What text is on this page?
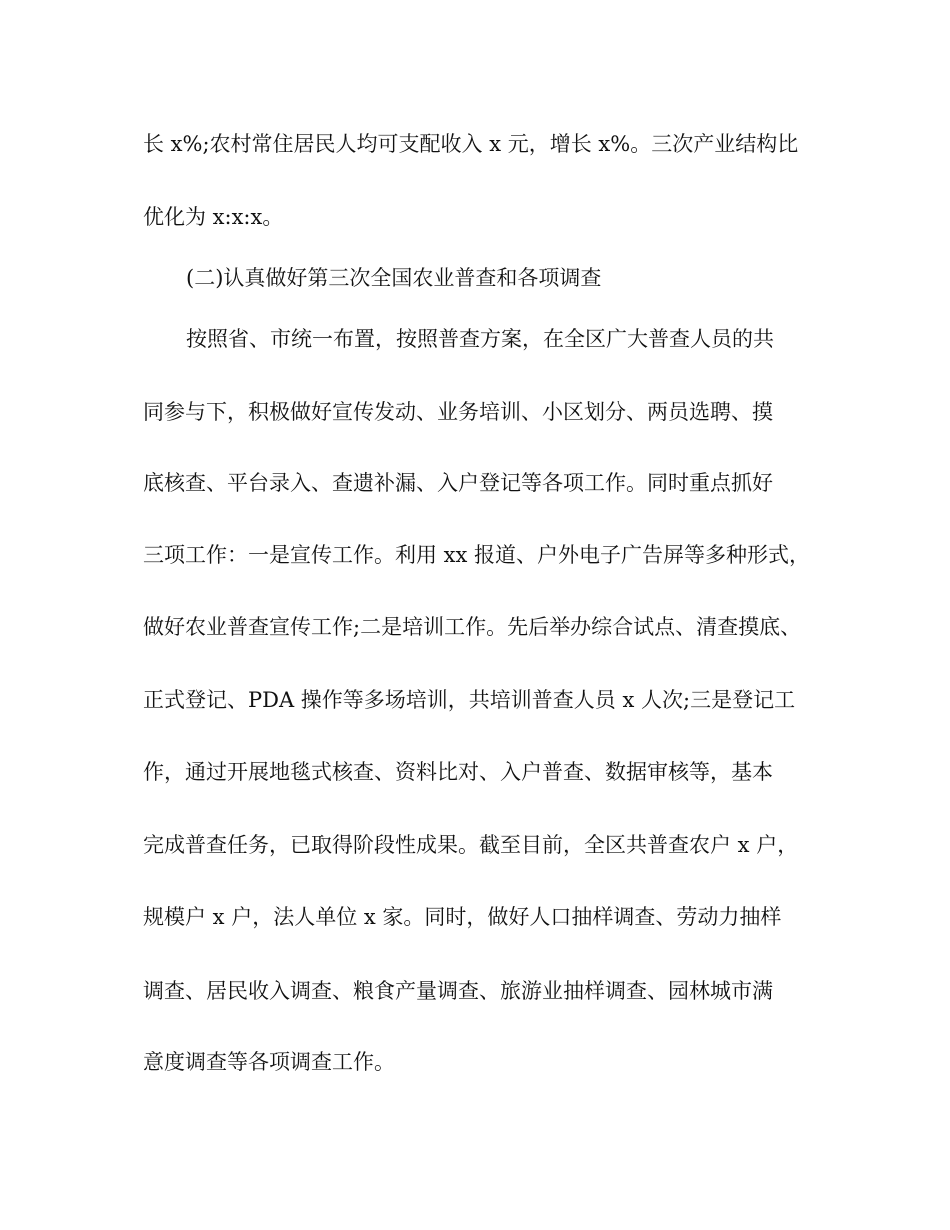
长 x%;农村常住居民人均可支配收入 x 元，增长 x%。三次产业结构比
优化为 x:x:x。
(二)认真做好第三次全国农业普查和各项调查
按照省、市统一布置，按照普查方案，在全区广大普查人员的共
同参与下，积极做好宣传发动、业务培训、小区划分、两员选聘、摸
底核查、平台录入、查遗补漏、入户登记等各项工作。同时重点抓好
三项工作：一是宣传工作。利用 xx 报道、户外电子广告屏等多种形式，
做好农业普查宣传工作;二是培训工作。先后举办综合试点、清查摸底、
正式登记、PDA 操作等多场培训，共培训普查人员 x 人次;三是登记工
作，通过开展地毯式核查、资料比对、入户普查、数据审核等，基本
完成普查任务，已取得阶段性成果。截至目前，全区共普查农户 x 户，
规模户 x 户，法人单位 x 家。同时，做好人口抽样调查、劳动力抽样
调查、居民收入调查、粮食产量调查、旅游业抽样调查、园林城市满
意度调查等各项调查工作。
